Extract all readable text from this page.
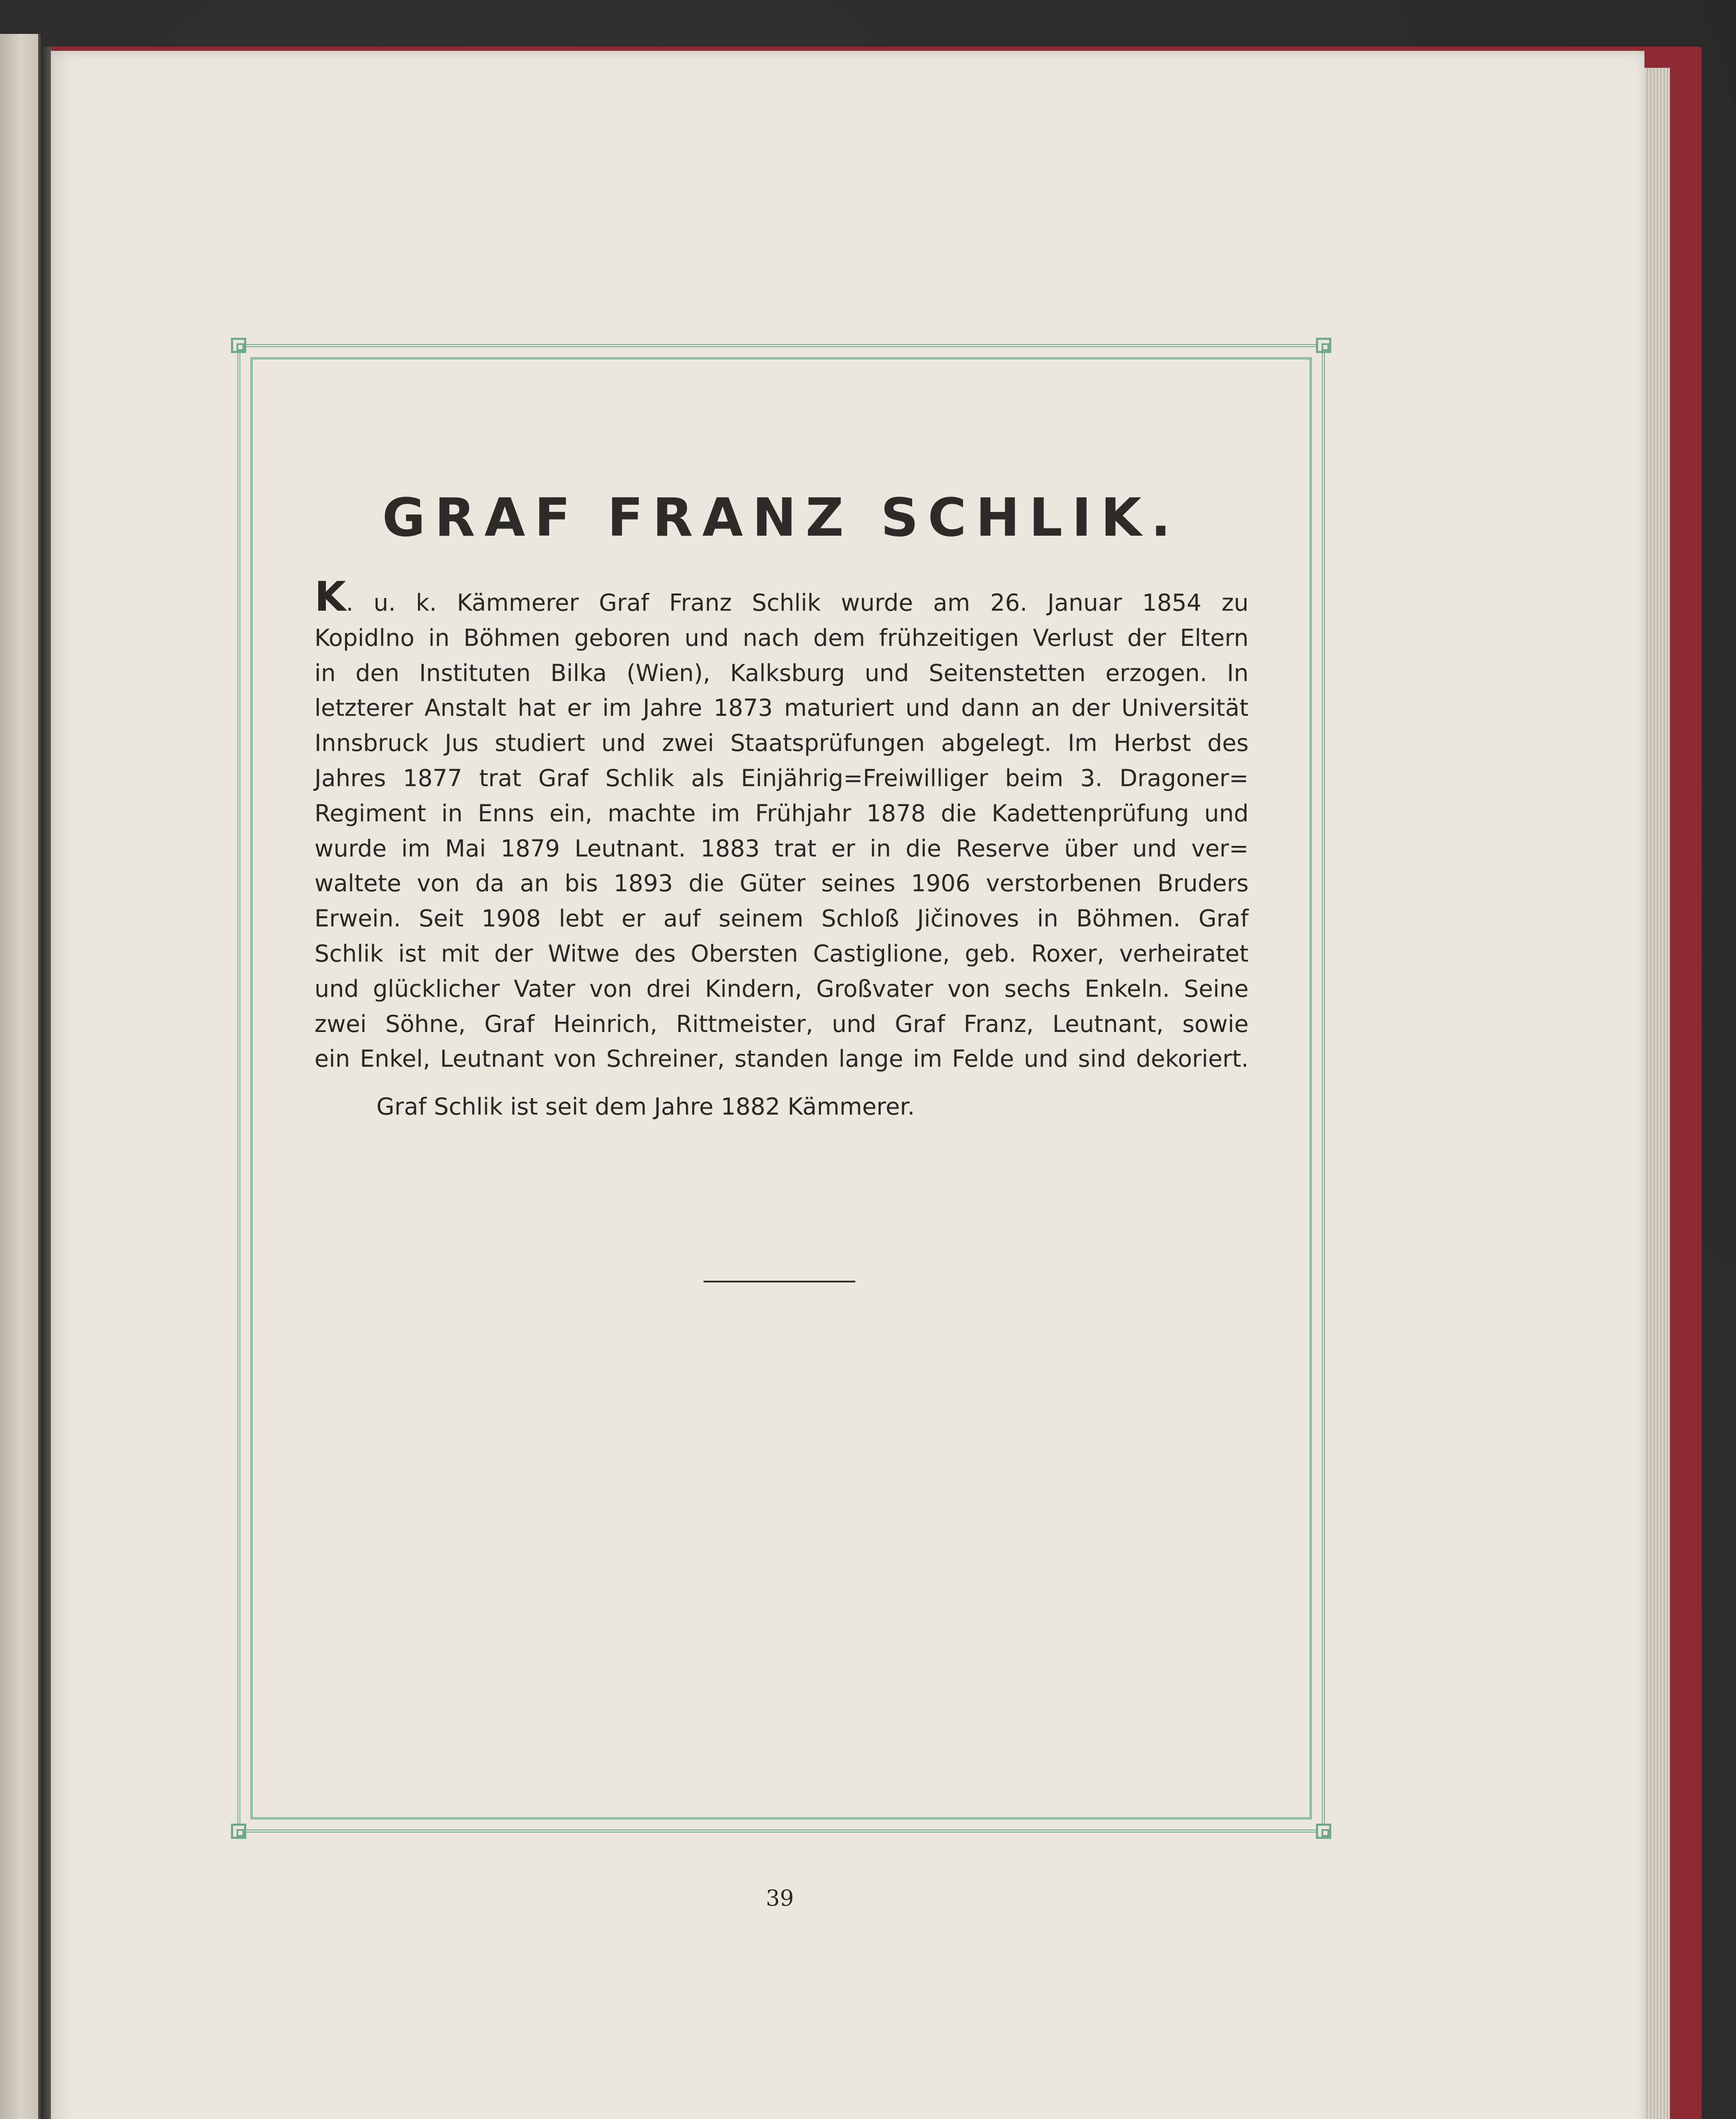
GRAF FRANZ SCHLIK.

K. u. k. Kämmerer Graf Franz Schlik wurde am 26. Januar 1854 zu
Kopidlno in Böhmen geboren und nach dem frühzeitigen Verlust der Eltern
in den Instituten Bilka (Wien), Kalksburg und Seitenstetten erzogen. In
letzterer Anstalt hat er im Jahre 1873 maturiert und dann an der Universität
Innsbruck Jus studiert und zwei Staatsprüfungen abgelegt. Im Herbst des
Jahres 1877 trat Graf Schlik als Einjährig=Freiwilliger beim 3. Dragoner=
Regiment in Enns ein, machte im Frühjahr 1878 die Kadettenprüfung und
wurde im Mai 1879 Leutnant. 1883 trat er in die Reserve über und ver=
waltete von da an bis 1893 die Güter seines 1906 verstorbenen Bruders
Erwein. Seit 1908 lebt er auf seinem Schloß Jičinoves in Böhmen. Graf
Schlik ist mit der Witwe des Obersten Castiglione, geb. Roxer, verheiratet
und glücklicher Vater von drei Kindern, Großvater von sechs Enkeln. Seine
zwei Söhne, Graf Heinrich, Rittmeister, und Graf Franz, Leutnant, sowie
ein Enkel, Leutnant von Schreiner, standen lange im Felde und sind dekoriert.

Graf Schlik ist seit dem Jahre 1882 Kämmerer.

39
